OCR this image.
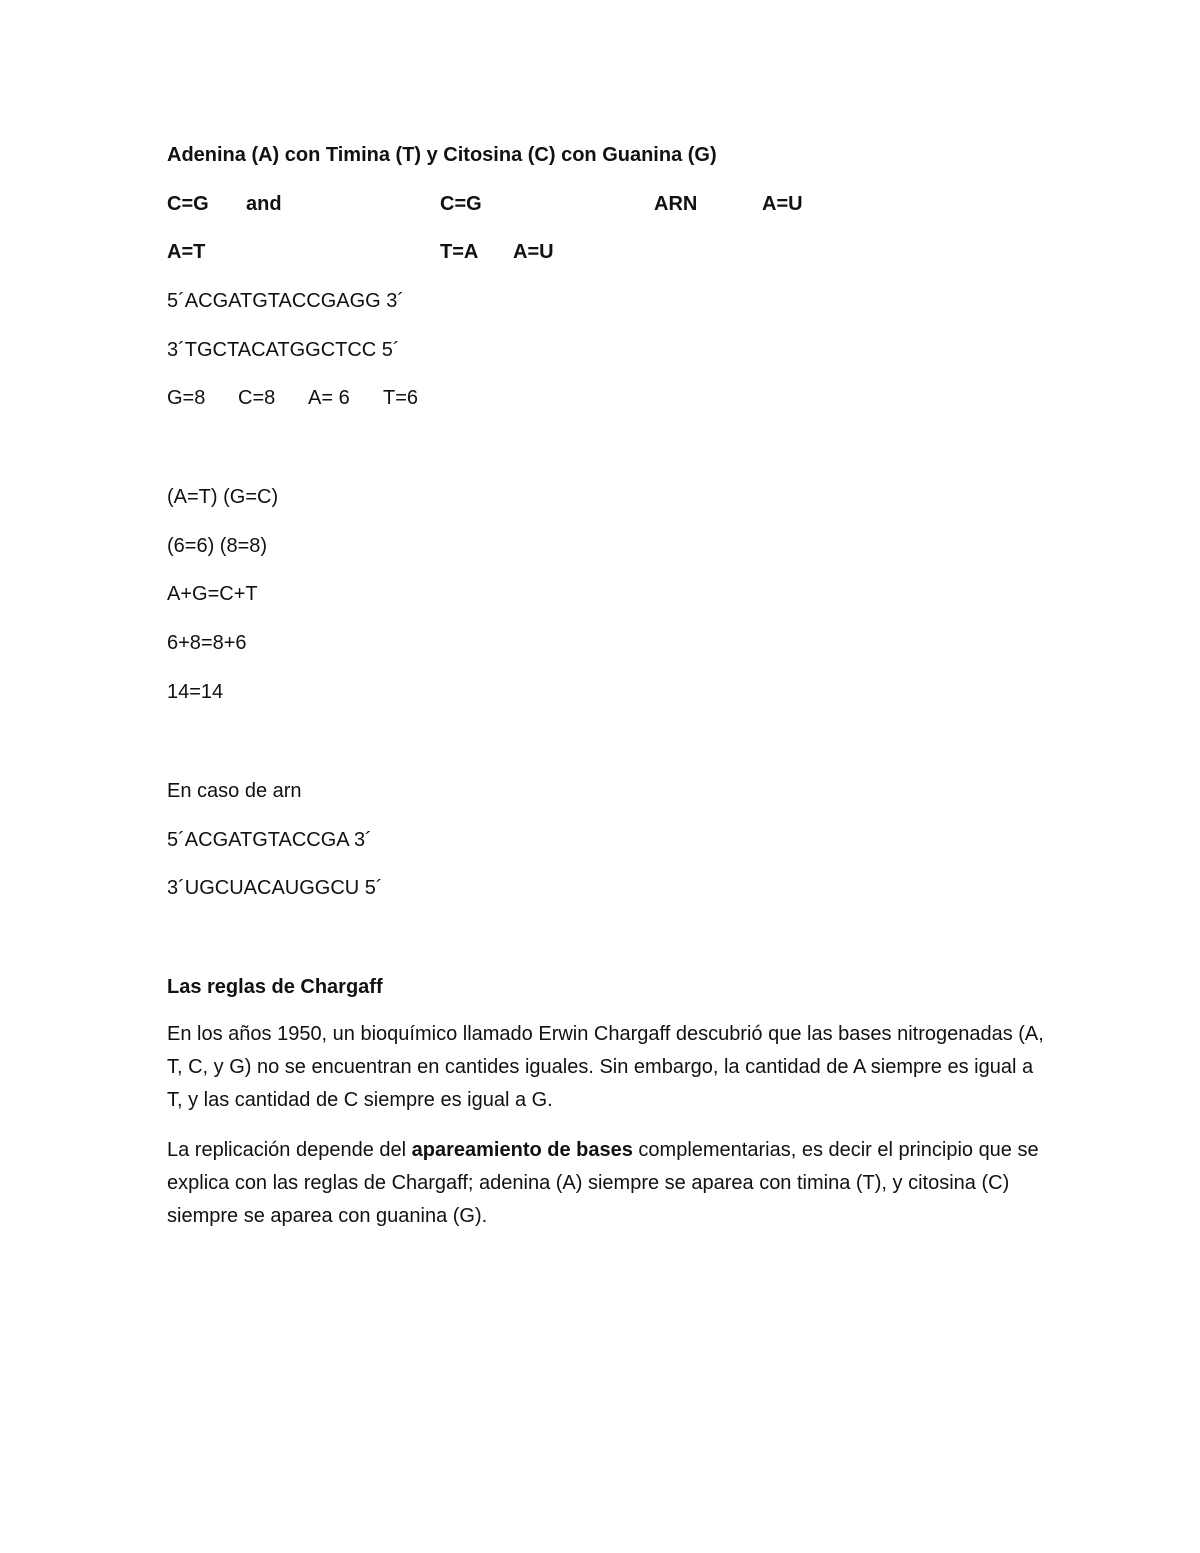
Adenina (A) con Timina (T) y Citosina (C) con Guanina (G)
C=G and	C=G	ARN	A=U
A=T	T=A A=U
5´ACGATGTACCGAGG 3´
3´TGCTACATGGCTCC 5´
G=8 C=8 A= 6 T=6
(A=T) (G=C)
(6=6) (8=8)
A+G=C+T
6+8=8+6
14=14
En caso de arn
5´ACGATGTACCGA 3´
3´UGCUACAUGGCU 5´
Las reglas de Chargaff

En los años 1950, un bioquímico llamado Erwin Chargaff descubrió que las bases nitrogenadas (A, T, C, y G) no se encuentran en cantides iguales. Sin embargo, la cantidad de A siempre es igual a T, y las cantidad de C siempre es igual a G.

La replicación depende del apareamiento de bases complementarias, es decir el principio que se explica con las reglas de Chargaff; adenina (A) siempre se aparea con timina (T), y citosina (C) siempre se aparea con guanina (G).
